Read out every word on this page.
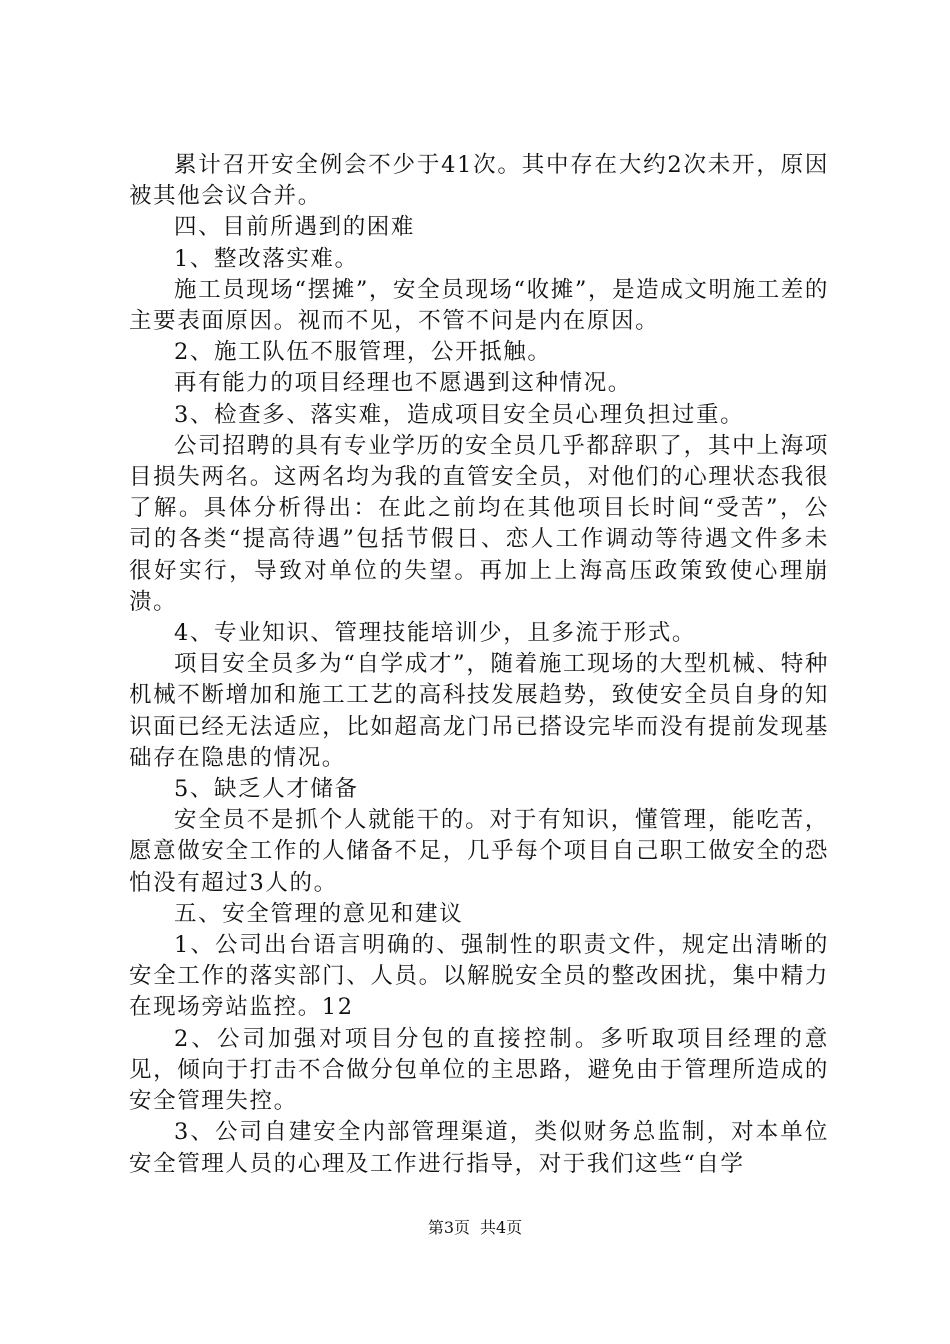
累计召开安全例会不少于41次。其中存在大约2次未开，原因被其他会议合并。

四、目前所遇到的困难

1、整改落实难。

施工员现场“摆摊”，安全员现场“收摊”，是造成文明施工差的主要表面原因。视而不见，不管不问是内在原因。

2、施工队伍不服管理，公开抵触。

再有能力的项目经理也不愿遇到这种情况。

3、检查多、落实难，造成项目安全员心理负担过重。

公司招聘的具有专业学历的安全员几乎都辞职了，其中上海项目损失两名。这两名均为我的直管安全员，对他们的心理状态我很了解。具体分析得出：在此之前均在其他项目长时间“受苦”，公司的各类“提高待遇”包括节假日、恋人工作调动等待遇文件多未很好实行，导致对单位的失望。再加上上海高压政策致使心理崩溃。

4、专业知识、管理技能培训少，且多流于形式。

项目安全员多为“自学成才”，随着施工现场的大型机械、特种机械不断增加和施工工艺的高科技发展趋势，致使安全员自身的知识面已经无法适应，比如超高龙门吊已搭设完毕而没有提前发现基础存在隐患的情况。

5、缺乏人才储备

安全员不是抓个人就能干的。对于有知识，懂管理，能吃苦，愿意做安全工作的人储备不足，几乎每个项目自己职工做安全的恐怕没有超过3人的。

五、安全管理的意见和建议

1、公司出台语言明确的、强制性的职责文件，规定出清晰的安全工作的落实部门、人员。以解脱安全员的整改困扰，集中精力在现场旁站监控。12

2、公司加强对项目分包的直接控制。多听取项目经理的意见，倾向于打击不合做分包单位的主思路，避免由于管理所造成的安全管理失控。

3、公司自建安全内部管理渠道，类似财务总监制，对本单位安全管理人员的心理及工作进行指导，对于我们这些“自学

第3页 共4页
